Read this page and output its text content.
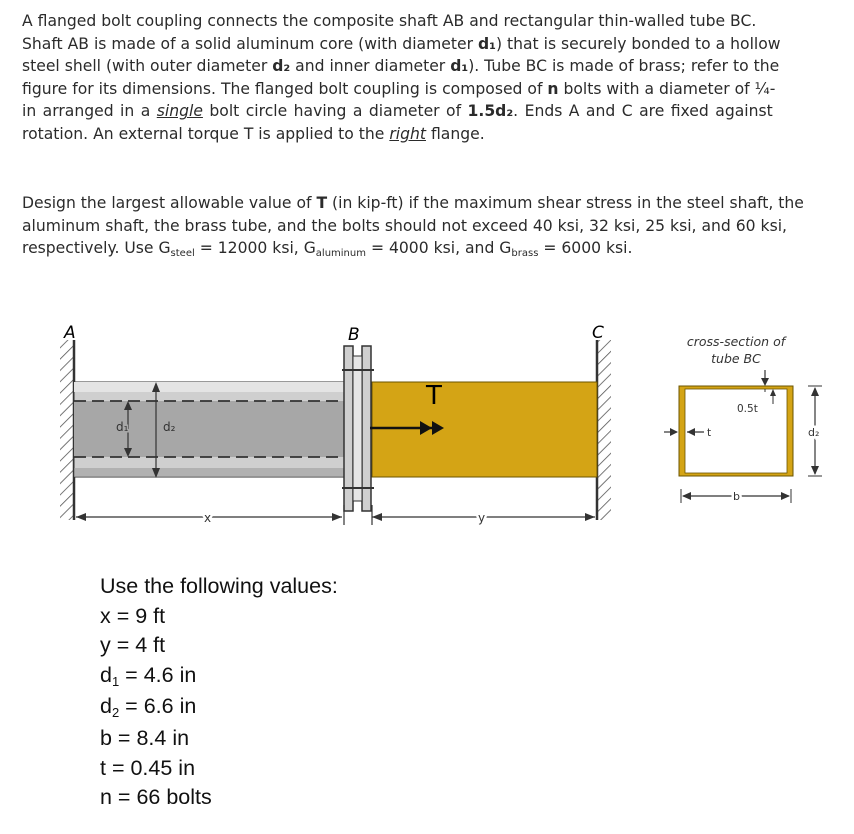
A flanged bolt coupling connects the composite shaft AB and rectangular thin-walled tube BC.
Shaft AB is made of a solid aluminum core (with diameter d₁) that is securely bonded to a hollow
steel shell (with outer diameter d₂ and inner diameter d₁). Tube BC is made of brass; refer to the
figure for its dimensions. The flanged bolt coupling is composed of n bolts with a diameter of ¼-
in arranged in a single bolt circle having a diameter of 1.5d₂. Ends A and C are fixed against
rotation. An external torque T is applied to the right flange.
Design the largest allowable value of T (in kip-ft) if the maximum shear stress in the steel shaft, the
aluminum shaft, the brass tube, and the bolts should not exceed 40 ksi, 32 ksi, 25 ksi, and 60 ksi,
respectively. Use $G_{steel} = 12000$ ksi, $G_{aluminum} = 4000$ ksi, and $G_{brass} = 6000$ ksi.
A	C
B
T
d₁	d₂
x	y
cross-section of
tube BC
0.5t
t	d₂
b
Use the following values:
x = 9 ft
y = 4 ft
d1 = 4.6 in
d2 = 6.6 in
b = 8.4 in
t = 0.45 in
n = 66 bolts
